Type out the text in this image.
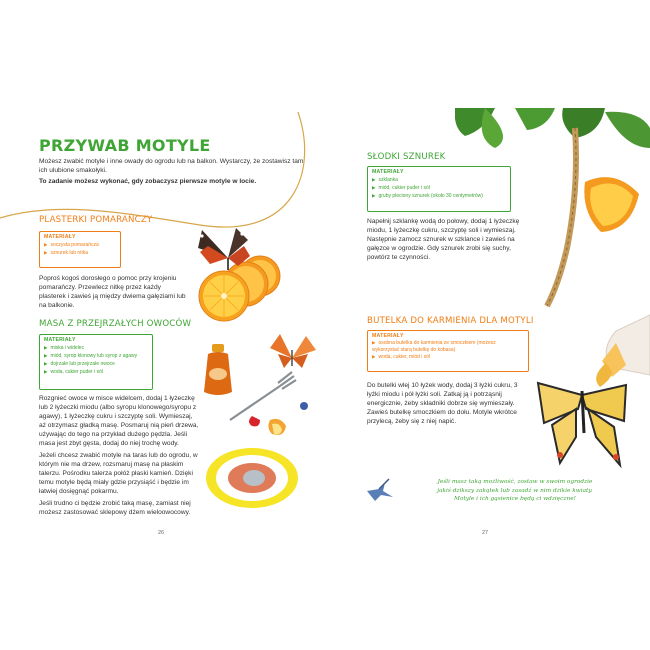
PRZYWAB MOTYLE
Możesz zwabić motyle i inne owady do ogrodu lub na balkon. Wystarczy, że zostawisz tam ich ulubione smakołyki.
To zadanie możesz wykonać, gdy zobaczysz pierwsze motyle w locie.
PLASTERKI POMARAŃCZY
MATERIAŁY
▶ soczysta pomarańcza
▶ sznurek lub nitka
Poproś kogoś dorosłego o pomoc przy krojeniu pomarańczy. Przewlecz nitkę przez każdy plasterek i zawieś ją między dwiema gałęziami lub na balkonie.
MASA Z PRZEJRZAŁYCH OWOCÓW
MATERIAŁY
▶ miska i widelec
▶ miód, syrop klonowy lub syrop z agawy
▶ dojrzałe lub przejrzałe owoce
▶ woda, cukier puder i sól
Rozgnieć owoce w misce widelcem, dodaj 1 łyżeczkę lub 2 łyżeczki miodu (albo syropu klonowego/syropu z agawy), 1 łyżeczkę cukru i szczyptę soli. Wymieszaj, aż otrzymasz gładką masę. Posmaruj nią pień drzewa, używając do tego na przykład dużego pędzla. Jeśli masa jest zbyt gęsta, dodaj do niej trochę wody.
Jeżeli chcesz zwabić motyle na taras lub do ogrodu, w którym nie ma drzew, rozsmaruj masę na płaskim talerzu. Pośrodku talerza połóż płaski kamień. Dzięki temu motyle będą miały gdzie przysiąść i będzie im łatwiej dosięgnąć pokarmu.
Jeśli trudno ci będzie zrobić taką masę, zamiast niej możesz zastosować sklepowy dżem wieloowocowy.
26
SŁODKI SZNUREK
MATERIAŁY
▶ szklanka
▶ miód, cukier puder i sól
▶ gruby pleciony sznurek (około 30 centymetrów)
Napełnij szklankę wodą do połowy, dodaj 1 łyżeczkę miodu, 1 łyżeczkę cukru, szczyptę soli i wymieszaj. Następnie zamocz sznurek w szklance i zawieś na gałęzce w ogrodzie. Gdy sznurek zrobi się suchy, powtórz te czynności.
BUTELKA DO KARMIENIA DLA MOTYLI
MATERIAŁY
▶ osobna butelka do karmienia ze smoczkiem (możesz wykorzystać starą butelkę do kobasa)
▶ woda, cukier, miód i sól
Do butelki wlej 10 łyżek wody, dodaj 3 łyżki cukru, 3 łyżki miodu i pół łyżki soli. Zatkaj ją i potrząsnij energicznie, żeby składniki dobrze się wymieszały. Zawieś butelkę smoczkiem do dołu. Motyle wkrótce przylecą, żeby się z niej napić.
Jeśli masz taką możliwość, zostaw w swoim ogrodzie
jakiś dzikszy zakątek lub zasadź w nim dzikie kwiaty.
Motyle i ich gąsienice będą ci wdzięczne!
27
